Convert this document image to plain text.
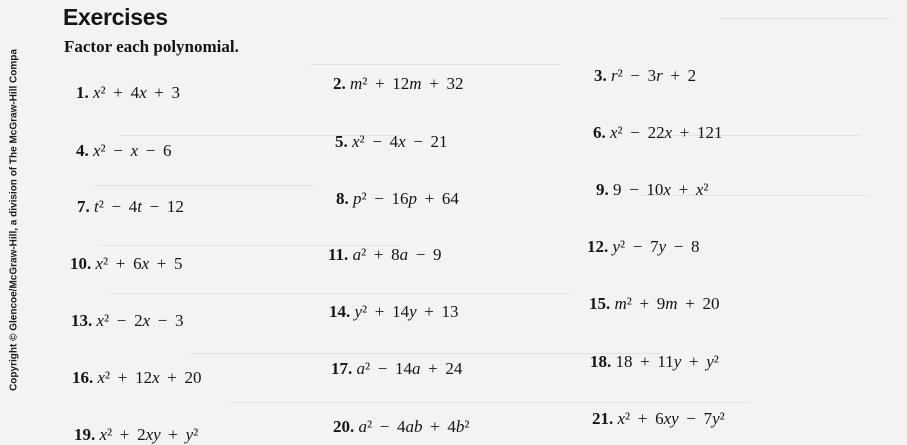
Copyright © Glencoe/McGraw-Hill, a division of The McGraw-Hill Compa
Exercises
Factor each polynomial.
1. x²  +  4x  +  3	2. m²  +  12m  +  32	3. r²  −  3r  +  2
4. x²  −  x  −  6	5. x²  −  4x  −  21	6. x²  −  22x  +  121
7. t²  −  4t  −  12	8. p²  −  16p  +  64	9. 9  −  10x  +  x²
10. x²  +  6x  +  5	11. a²  +  8a  −  9	12. y²  −  7y  −  8
13. x²  −  2x  −  3	14. y²  +  14y  +  13	15. m²  +  9m  +  20
16. x²  +  12x  +  20	17. a²  −  14a  +  24	18. 18  +  11y  +  y²
19. x²  +  2xy  +  y²	20. a²  −  4ab  +  4b²	21. x²  +  6xy  −  7y²
